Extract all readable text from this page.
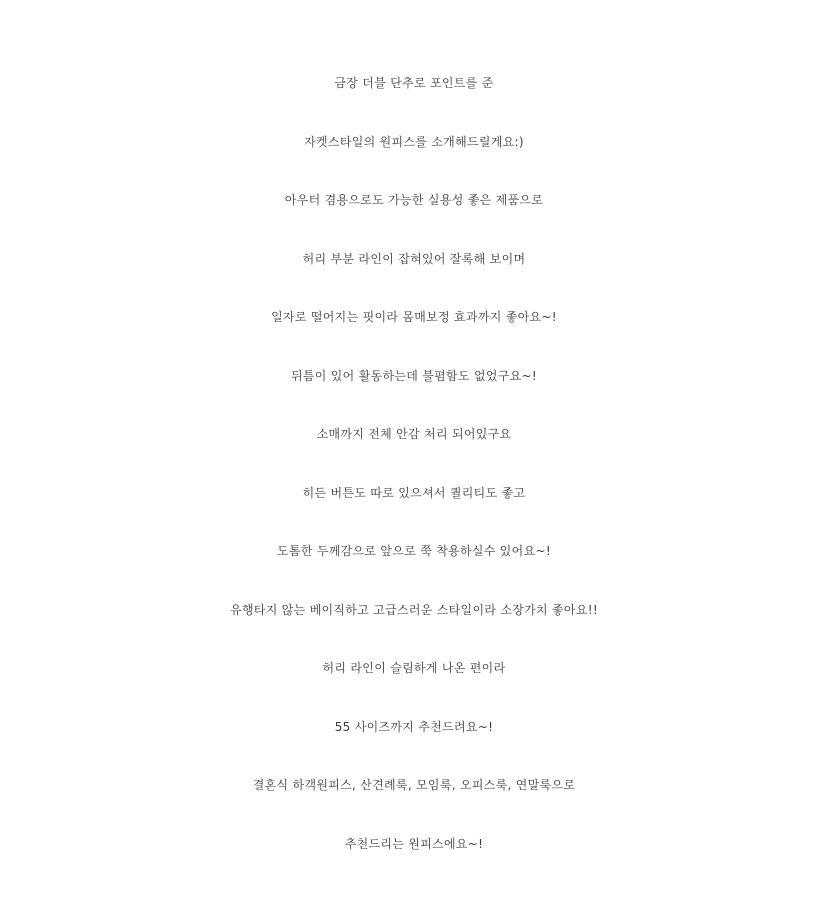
금장 더블 단추로 포인트를 준
자켓스타일의 원피스를 소개해드릴게요:)
아우터 겸용으로도 가능한 실용성 좋은 제품으로
허리 부분 라인이 잡혀있어 잘록해 보이며
일자로 떨어지는 핏이라 몸매보정 효과까지 좋아요~!
뒤틈이 있어 활동하는데 불폄함도 없었구요~!
소매까지 전체 안감 처리 되어있구요
히든 버튼도 따로 있으셔서 퀄리티도 좋고
도톰한 두께감으로 앞으로 쭉 착용하실수 있어요~!
유행타지 않는 베이직하고 고급스러운 스타일이라 소장가치 좋아요!!
허리 라인이 슬림하게 나온 편이라
55 사이즈까지 추천드려요~!
결혼식 하객원피스, 산견례룩, 모임룩, 오피스룩, 연말룩으로
추천드리는 원피스에요~!
